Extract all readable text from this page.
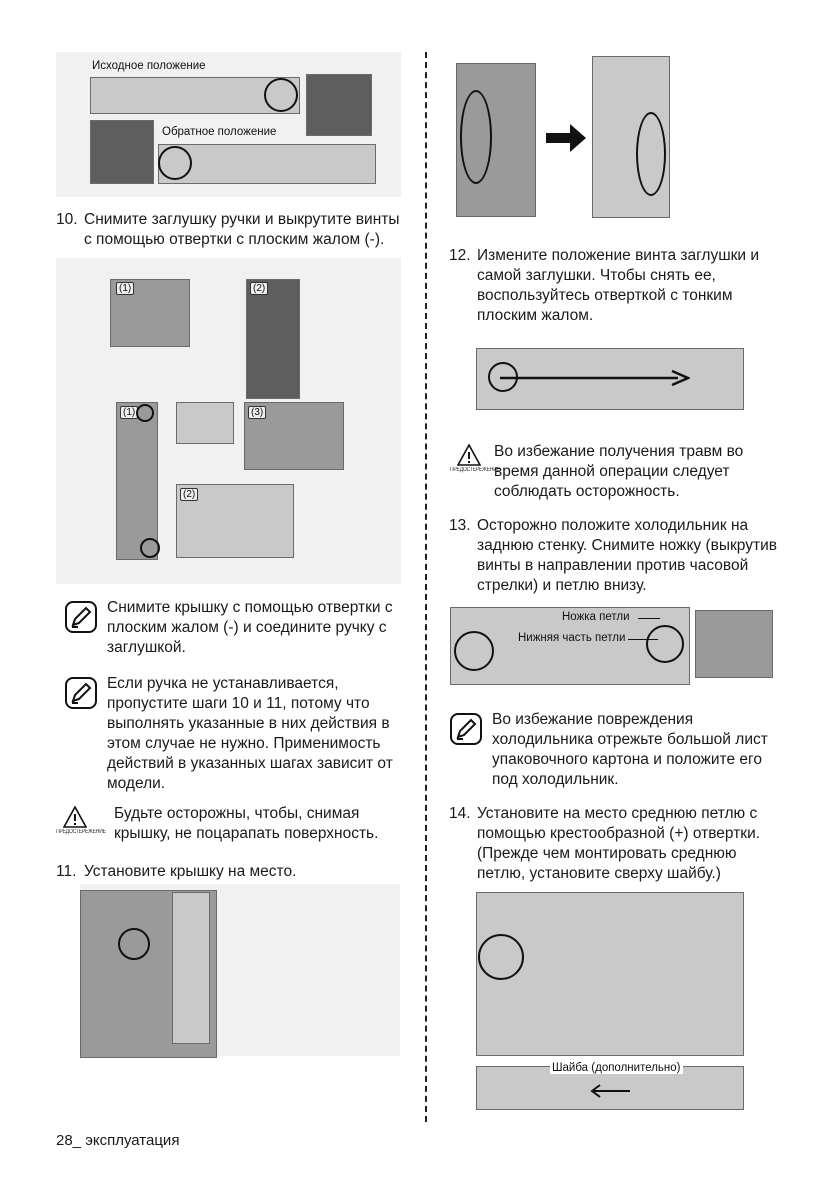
Исходное положение
Обратное положение
10. Снимите заглушку ручки и выкрутите винты с помощью отвертки с плоским жалом (-).
(1)	(2)
(1)	(3)
(2)
Снимите крышку с помощью отвертки с плоским жалом (-) и соедините ручку с заглушкой.
Если ручка не устанавливается, пропустите шаги 10 и 11, потому что выполнять указанные в них действия в этом случае не нужно. Применимость действий в указанных шагах зависит от модели.
ПРЕДОСТЕРЕЖЕНИЕ
Будьте осторожны, чтобы, снимая крышку, не поцарапать поверхность.
11. Установите крышку на место.
12. Измените положение винта заглушки и самой заглушки. Чтобы снять ее, воспользуйтесь отверткой с тонким плоским жалом.
ПРЕДОСТЕРЕЖЕНИЕ
Во избежание получения травм во время данной операции следует соблюдать осторожность.
13. Осторожно положите холодильник на заднюю стенку. Снимите ножку (выкрутив винты в направлении против часовой стрелки) и петлю внизу.
Ножка петли
Нижняя часть петли
Во избежание повреждения холодильника отрежьте большой лист упаковочного картона и положите его под холодильник.
14. Установите на место среднюю петлю с помощью крестообразной (+) отвертки. (Прежде чем монтировать среднюю петлю, установите сверху шайбу.)
Шайба (дополнительно)
28_ эксплуатация
